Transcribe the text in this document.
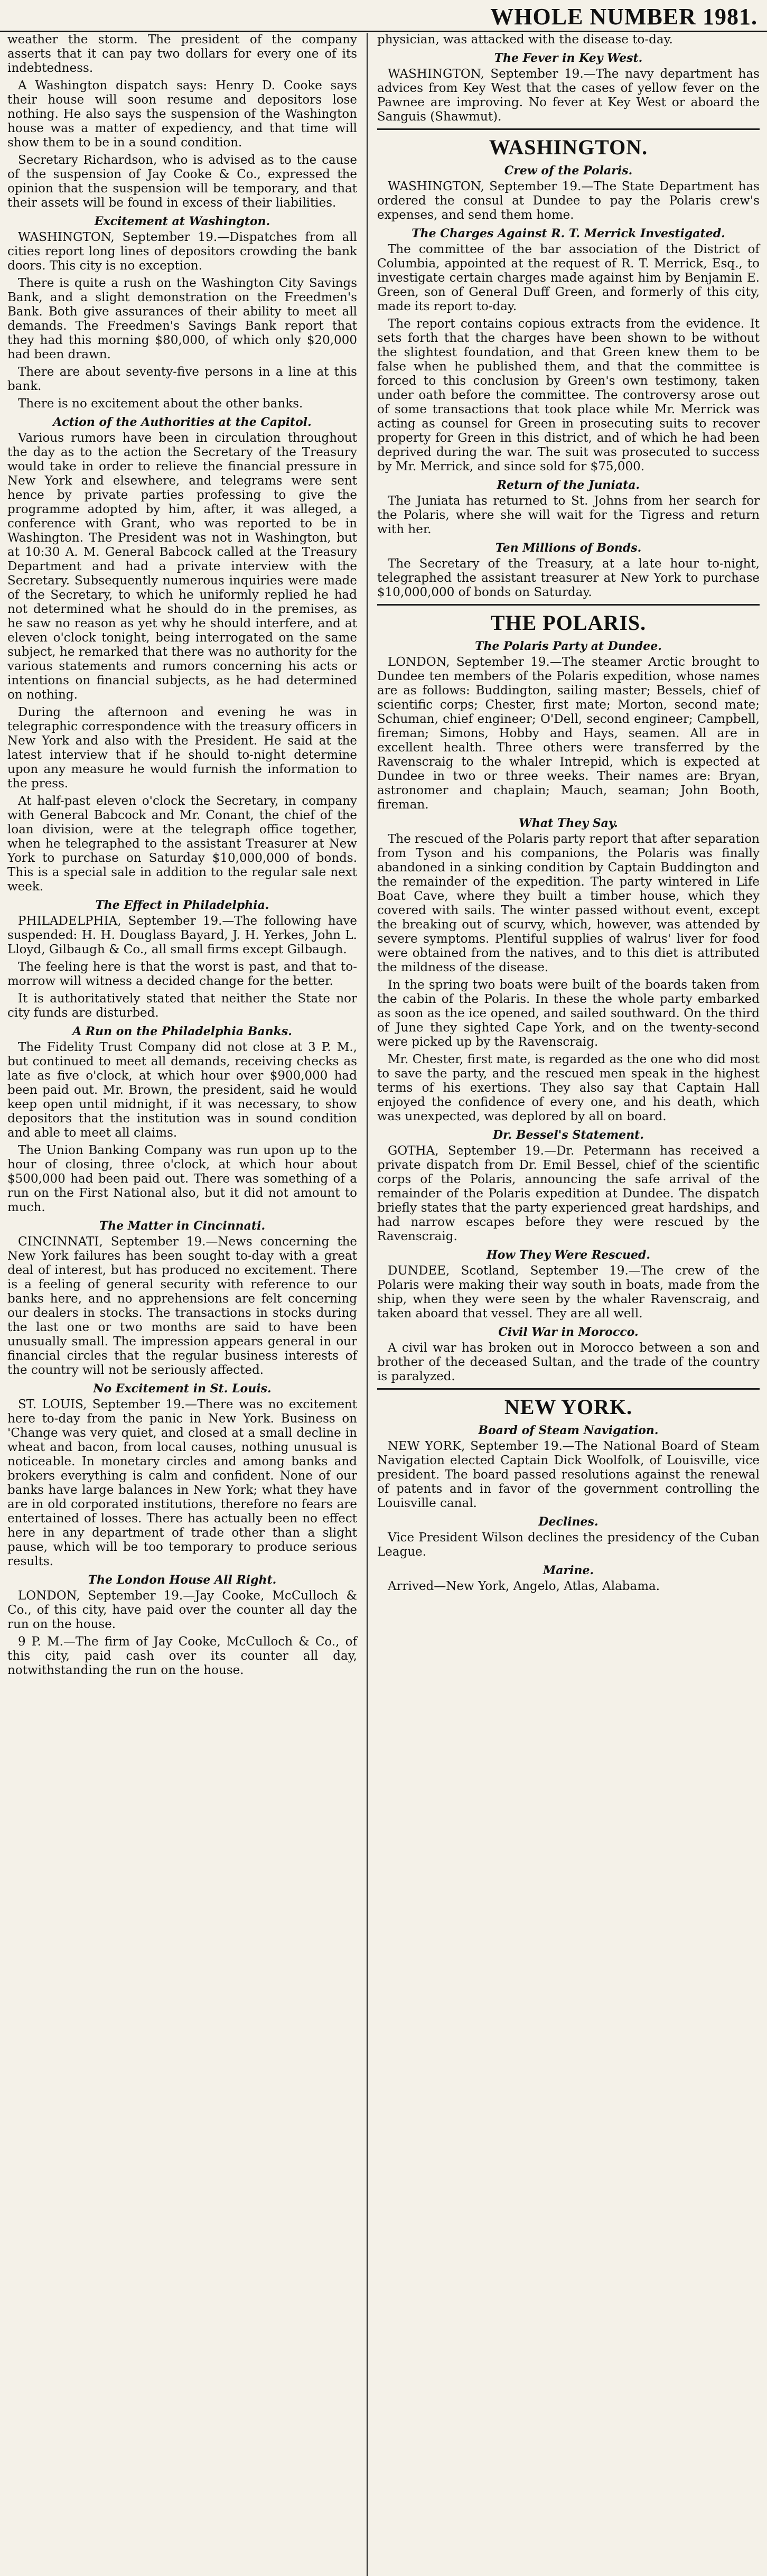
WHOLE NUMBER 1981.

weather the storm. The president of the company asserts that it can pay two dollars for every one of its indebtedness.

A Washington dispatch says: Henry D. Cooke says their house will soon resume and depositors lose nothing. He also says the suspension of the Washington house was a matter of expediency, and that time will show them to be in a sound condition.

Secretary Richardson, who is advised as to the cause of the suspension of Jay Cooke & Co., expressed the opinion that the suspension will be temporary, and that their assets will be found in excess of their liabilities.

Excitement at Washington.

WASHINGTON, September 19.—Dispatches from all cities report long lines of depositors crowding the bank doors. This city is no exception.

There is quite a rush on the Washington City Savings Bank, and a slight demonstration on the Freedmen's Bank. Both give assurances of their ability to meet all demands. The Freedmen's Savings Bank report that they had this morning $80,000, of which only $20,000 had been drawn.

There are about seventy-five persons in a line at this bank.

There is no excitement about the other banks.

Action of the Authorities at the Capitol.

Various rumors have been in circulation throughout the day as to the action the Secretary of the Treasury would take in order to relieve the financial pressure in New York and elsewhere, and telegrams were sent hence by private parties professing to give the programme adopted by him, after, it was alleged, a conference with Grant, who was reported to be in Washington. The President was not in Washington, but at 10:30 A. M. General Babcock called at the Treasury Department and had a private interview with the Secretary. Subsequently numerous inquiries were made of the Secretary, to which he uniformly replied he had not determined what he should do in the premises, as he saw no reason as yet why he should interfere, and at eleven o'clock tonight, being interrogated on the same subject, he remarked that there was no authority for the various statements and rumors concerning his acts or intentions on financial subjects, as he had determined on nothing.

During the afternoon and evening he was in telegraphic correspondence with the treasury officers in New York and also with the President. He said at the latest interview that if he should to-night determine upon any measure he would furnish the information to the press.

At half-past eleven o'clock the Secretary, in company with General Babcock and Mr. Conant, the chief of the loan division, were at the telegraph office together, when he telegraphed to the assistant Treasurer at New York to purchase on Saturday $10,000,000 of bonds. This is a special sale in addition to the regular sale next week.

The Effect in Philadelphia.

PHILADELPHIA, September 19.—The following have suspended: H. H. Douglass Bayard, J. H. Yerkes, John L. Lloyd, Gilbaugh & Co., all small firms except Gilbaugh.

The feeling here is that the worst is past, and that to-morrow will witness a decided change for the better.

It is authoritatively stated that neither the State nor city funds are disturbed.

A Run on the Philadelphia Banks.

The Fidelity Trust Company did not close at 3 P. M., but continued to meet all demands, receiving checks as late as five o'clock, at which hour over $900,000 had been paid out. Mr. Brown, the president, said he would keep open until midnight, if it was necessary, to show depositors that the institution was in sound condition and able to meet all claims.

The Union Banking Company was run upon up to the hour of closing, three o'clock, at which hour about $500,000 had been paid out. There was something of a run on the First National also, but it did not amount to much.

The Matter in Cincinnati.

CINCINNATI, September 19.—News concerning the New York failures has been sought to-day with a great deal of interest, but has produced no excitement. There is a feeling of general security with reference to our banks here, and no apprehensions are felt concerning our dealers in stocks. The transactions in stocks during the last one or two months are said to have been unusually small. The impression appears general in our financial circles that the regular business interests of the country will not be seriously affected.

No Excitement in St. Louis.

ST. LOUIS, September 19.—There was no excitement here to-day from the panic in New York. Business on 'Change was very quiet, and closed at a small decline in wheat and bacon, from local causes, nothing unusual is noticeable. In monetary circles and among banks and brokers everything is calm and confident. None of our banks have large balances in New York; what they have are in old corporated institutions, therefore no fears are entertained of losses. There has actually been no effect here in any department of trade other than a slight pause, which will be too temporary to produce serious results.

The London House All Right.

LONDON, September 19.—Jay Cooke, McCulloch & Co., of this city, have paid over the counter all day the run on the house.

9 P. M.—The firm of Jay Cooke, McCulloch & Co., of this city, paid cash over its counter all day, notwithstanding the run on the house.

physician, was attacked with the disease to-day.

The Fever in Key West.

WASHINGTON, September 19.—The navy department has advices from Key West that the cases of yellow fever on the Pawnee are improving. No fever at Key West or aboard the Sanguis (Shawmut).

WASHINGTON.
Crew of the Polaris.

WASHINGTON, September 19.—The State Department has ordered the consul at Dundee to pay the Polaris crew's expenses, and send them home.

The Charges Against R. T. Merrick Investigated.

The committee of the bar association of the District of Columbia, appointed at the request of R. T. Merrick, Esq., to investigate certain charges made against him by Benjamin E. Green, son of General Duff Green, and formerly of this city, made its report to-day.

The report contains copious extracts from the evidence. It sets forth that the charges have been shown to be without the slightest foundation, and that Green knew them to be false when he published them, and that the committee is forced to this conclusion by Green's own testimony, taken under oath before the committee. The controversy arose out of some transactions that took place while Mr. Merrick was acting as counsel for Green in prosecuting suits to recover property for Green in this district, and of which he had been deprived during the war. The suit was prosecuted to success by Mr. Merrick, and since sold for $75,000.

Return of the Juniata.

The Juniata has returned to St. Johns from her search for the Polaris, where she will wait for the Tigress and return with her.

Ten Millions of Bonds.

The Secretary of the Treasury, at a late hour to-night, telegraphed the assistant treasurer at New York to purchase $10,000,000 of bonds on Saturday.

THE POLARIS.
The Polaris Party at Dundee.

LONDON, September 19.—The steamer Arctic brought to Dundee ten members of the Polaris expedition, whose names are as follows: Buddington, sailing master; Bessels, chief of scientific corps; Chester, first mate; Morton, second mate; Schuman, chief engineer; O'Dell, second engineer; Campbell, fireman; Simons, Hobby and Hays, seamen. All are in excellent health. Three others were transferred by the Ravenscraig to the whaler Intrepid, which is expected at Dundee in two or three weeks. Their names are: Bryan, astronomer and chaplain; Mauch, seaman; John Booth, fireman.

What They Say.

The rescued of the Polaris party report that after separation from Tyson and his companions, the Polaris was finally abandoned in a sinking condition by Captain Buddington and the remainder of the expedition. The party wintered in Life Boat Cave, where they built a timber house, which they covered with sails. The winter passed without event, except the breaking out of scurvy, which, however, was attended by severe symptoms. Plentiful supplies of walrus' liver for food were obtained from the natives, and to this diet is attributed the mildness of the disease.

In the spring two boats were built of the boards taken from the cabin of the Polaris. In these the whole party embarked as soon as the ice opened, and sailed southward. On the third of June they sighted Cape York, and on the twenty-second were picked up by the Ravenscraig.

Mr. Chester, first mate, is regarded as the one who did most to save the party, and the rescued men speak in the highest terms of his exertions. They also say that Captain Hall enjoyed the confidence of every one, and his death, which was unexpected, was deplored by all on board.

Dr. Bessel's Statement.

GOTHA, September 19.—Dr. Petermann has received a private dispatch from Dr. Emil Bessel, chief of the scientific corps of the Polaris, announcing the safe arrival of the remainder of the Polaris expedition at Dundee. The dispatch briefly states that the party experienced great hardships, and had narrow escapes before they were rescued by the Ravenscraig.

How They Were Rescued.

DUNDEE, Scotland, September 19.—The crew of the Polaris were making their way south in boats, made from the ship, when they were seen by the whaler Ravenscraig, and taken aboard that vessel. They are all well.

Civil War in Morocco.

A civil war has broken out in Morocco between a son and brother of the deceased Sultan, and the trade of the country is paralyzed.

NEW YORK.
Board of Steam Navigation.

NEW YORK, September 19.—The National Board of Steam Navigation elected Captain Dick Woolfolk, of Louisville, vice president. The board passed resolutions against the renewal of patents and in favor of the government controlling the Louisville canal.

Declines.

Vice President Wilson declines the presidency of the Cuban League.

Marine.

Arrived—New York, Angelo, Atlas, Alabama.
